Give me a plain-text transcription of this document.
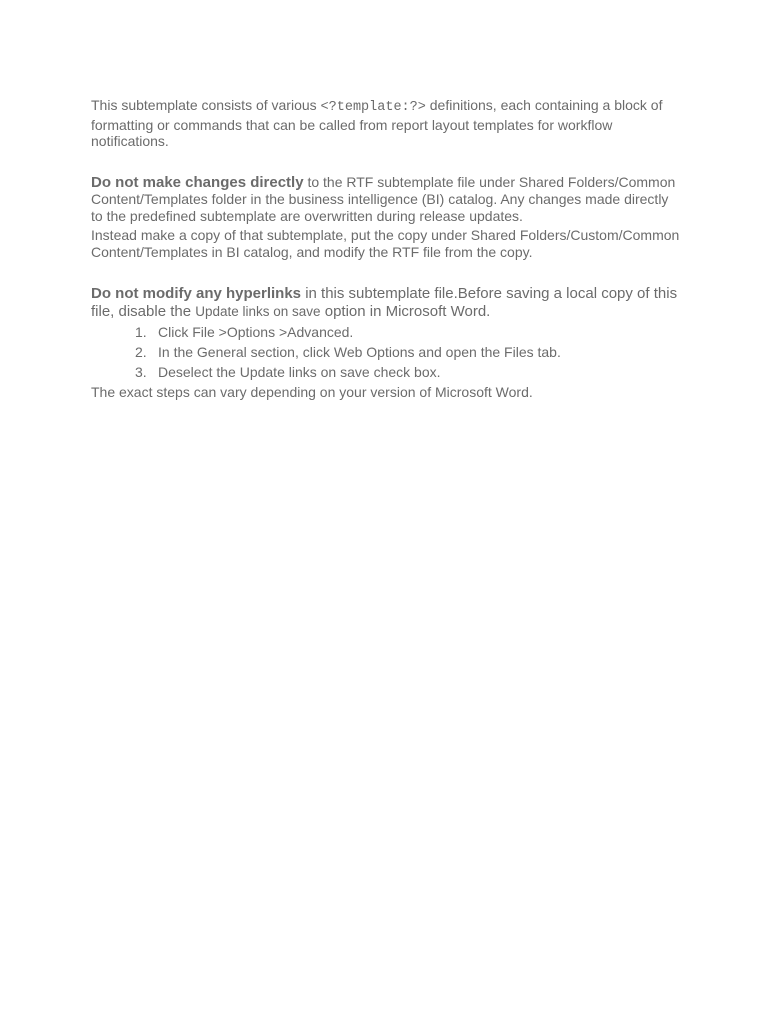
This subtemplate consists of various <?template:?> definitions, each containing a block of formatting or commands that can be called from report layout templates for workflow notifications.

Do not make changes directly to the RTF subtemplate file under Shared Folders/Common Content/Templates folder in the business intelligence (BI) catalog. Any changes made directly to the predefined subtemplate are overwritten during release updates.

Instead make a copy of that subtemplate, put the copy under Shared Folders/Custom/Common Content/Templates in BI catalog, and modify the RTF file from the copy.

Do not modify any hyperlinks in this subtemplate file.Before saving a local copy of this file, disable the Update links on save option in Microsoft Word.

1. Click File >Options >Advanced.
2. In the General section, click Web Options and open the Files tab.
3. Deselect the Update links on save check box.

The exact steps can vary depending on your version of Microsoft Word.
